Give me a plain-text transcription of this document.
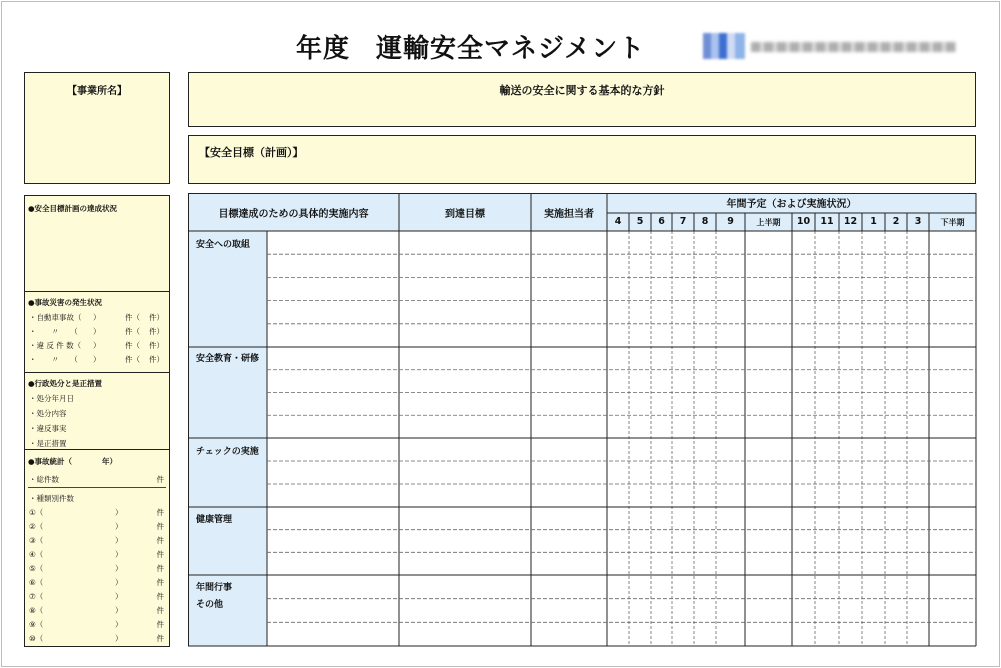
年度 運輸安全マネジメント
【事業所名】	輸送の安全に関する基本的な方針
【安全目標（計画）】
●安全目標計画の達成状況
●事故災害の発生状況
・自動車事故（ ）	件（ 件）
・　　〃　　（ ）	件（ 件）
・違 反 件 数（ ）	件（ 件）
・　　〃　　（ ）	件（ 件）
●行政処分と是正措置
・処分年月日
・処分内容
・違反事実
・是正措置
●事故統計（	年）
・総件数	件
・種類別件数
①（	）	件
②（	）	件
③（	）	件
④（	）	件
⑤（	）	件
⑥（	）	件
⑦（	）	件
⑧（	）	件
⑨（	）	件
⑩（	）	件
目標達成のための具体的実施内容	到達目標	実施担当者
年間予定（および実施状況）
4	5	6	7	8	9	上半期	10	11	12	1	2	3	下半期
安全への取組
安全教育・研修
チェックの実施
健康管理
年間行事
その他
